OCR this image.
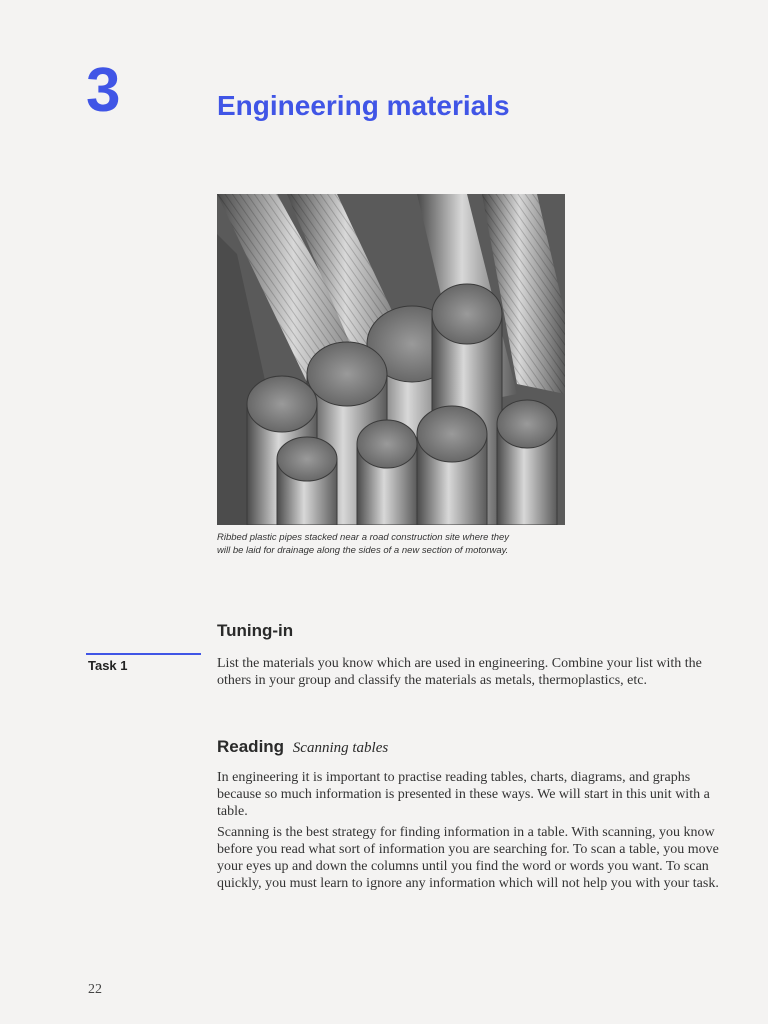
3	Engineering materials
Ribbed plastic pipes stacked near a road construction site where they
will be laid for drainage along the sides of a new section of motorway.
Tuning-in
Task 1	List the materials you know which are used in engineering. Combine your list with the others in your group and classify the materials as metals, thermoplastics, etc.

Reading Scanning tables

In engineering it is important to practise reading tables, charts, diagrams, and graphs because so much information is presented in these ways. We will start in this unit with a table.

Scanning is the best strategy for finding information in a table. With scanning, you know before you read what sort of information you are searching for. To scan a table, you move your eyes up and down the columns until you find the word or words you want. To scan quickly, you must learn to ignore any information which will not help you with your task.

22
